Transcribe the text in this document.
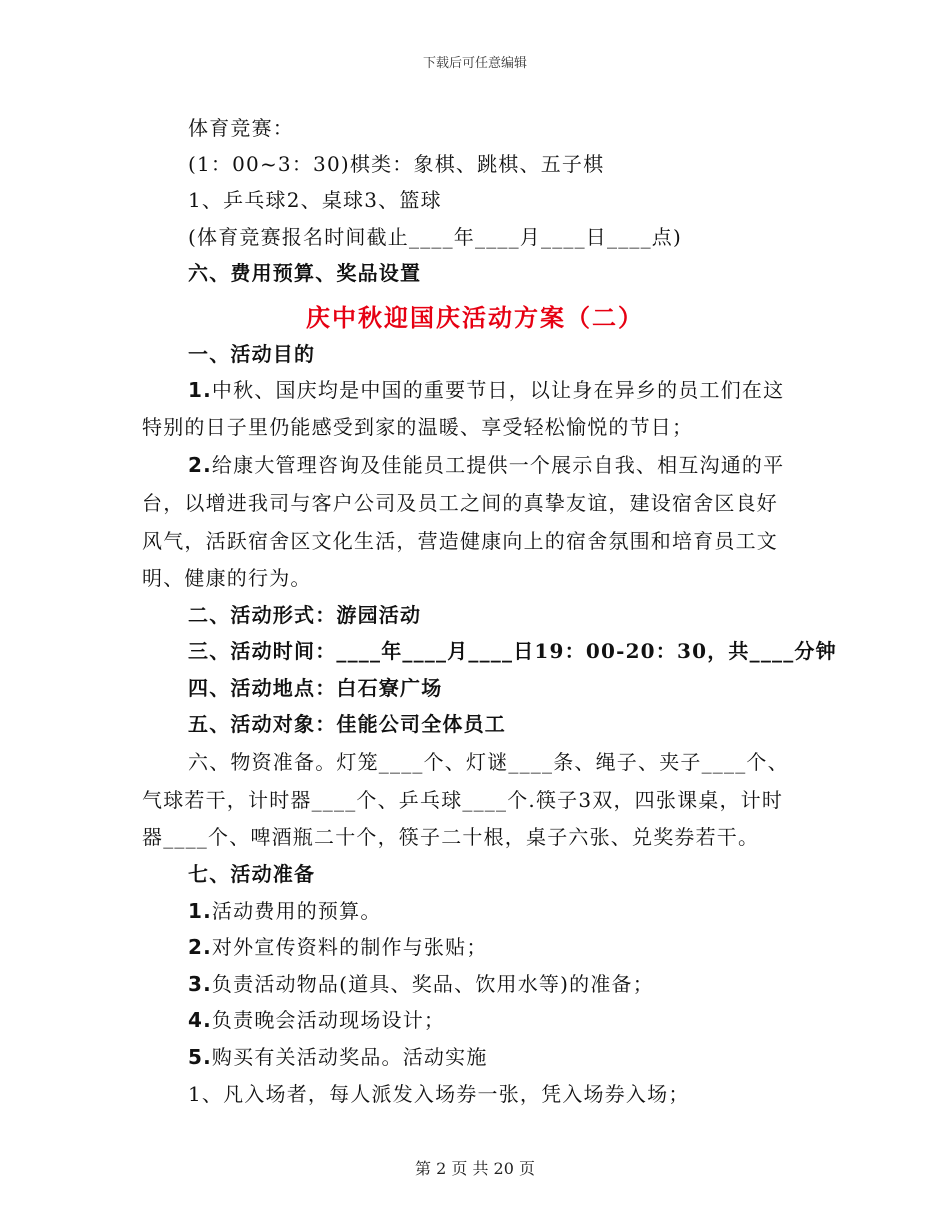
下载后可任意编辑
体育竞赛：
(1：00~3：30)棋类：象棋、跳棋、五子棋
1、乒乓球2、桌球3、篮球
(体育竞赛报名时间截止____年____月____日____点)
六、费用预算、奖品设置
庆中秋迎国庆活动方案（二）
一、活动目的
1.中秋、国庆均是中国的重要节日，以让身在异乡的员工们在这
特别的日子里仍能感受到家的温暖、享受轻松愉悦的节日；
2.给康大管理咨询及佳能员工提供一个展示自我、相互沟通的平
台，以增进我司与客户公司及员工之间的真挚友谊，建设宿舍区良好
风气，活跃宿舍区文化生活，营造健康向上的宿舍氛围和培育员工文
明、健康的行为。
二、活动形式：游园活动
三、活动时间：____年____月____日19：00-20：30，共____分钟
四、活动地点：白石寮广场
五、活动对象：佳能公司全体员工
六、物资准备。灯笼____个、灯谜____条、绳子、夹子____个、
气球若干，计时器____个、乒乓球____个.筷子3双，四张课桌，计时
器____个、啤酒瓶二十个，筷子二十根，桌子六张、兑奖券若干。
七、活动准备
1.活动费用的预算。
2.对外宣传资料的制作与张贴；
3.负责活动物品(道具、奖品、饮用水等)的准备；
4.负责晚会活动现场设计；
5.购买有关活动奖品。活动实施
1、凡入场者，每人派发入场券一张，凭入场券入场；
第 2 页 共 20 页
